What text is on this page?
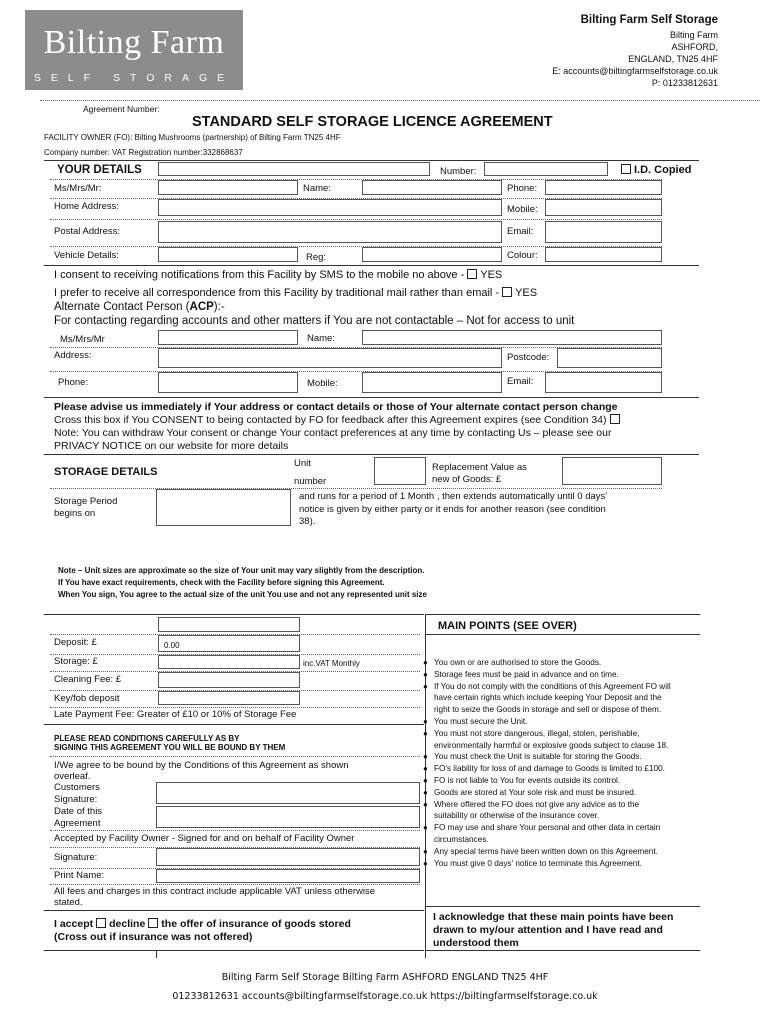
Bilting Farm
SELF STORAGE
Bilting Farm Self Storage
Bilting Farm
ASHFORD,
ENGLAND, TN25 4HF
E: accounts@biltingfarmselfstorage.co.uk
P: 01233812631
Agreement Number:
STANDARD SELF STORAGE LICENCE AGREEMENT
FACILITY OWNER (FO): Bilting Mushrooms (partnership) of Bilting Farm TN25 4HF
Company number: VAT Registration number:332868637
YOUR DETAILS	Number:	I.D. Copied
Ms/Mrs/Mr:	Name:	Phone:
Home Address:	Mobile:
Postal Address:	Email:
Vehicle Details:	Reg:	Colour:
I consent to receiving notifications from this Facility by SMS to the mobile no above - YES
I prefer to receive all correspondence from this Facility by traditional mail rather than email - YES
Alternate Contact Person (ACP):-
For contacting regarding accounts and other matters if You are not contactable – Not for access to unit
Ms/Mrs/Mr	Name:
Address:	Postcode:
Phone:	Mobile:	Email:
Please advise us immediately if Your address or contact details or those of Your alternate contact person change
Cross this box if You CONSENT to being contacted by FO for feedback after this Agreement expires (see Condition 34)
Note: You can withdraw Your consent or change Your contact preferences at any time by contacting Us – please see our
PRIVACY NOTICE on our website for more details
STORAGE DETAILS
Unit
number
Replacement Value as
new of Goods: £
Storage Period
begins on
and runs for a period of 1 Month , then extends automatically until 0 days'
notice is given by either party or it ends for another reason (see condition
38).
Note – Unit sizes are approximate so the size of Your unit may vary slightly from the description.
If You have exact requirements, check with the Facility before signing this Agreement.
When You sign, You agree to the actual size of the unit You use and not any represented unit size
Deposit: £	0.00
Storage: £	inc.VAT Monthly
Cleaning Fee: £
Key/fob deposit
Late Payment Fee: Greater of £10 or 10% of Storage Fee
PLEASE READ CONDITIONS CAREFULLY AS BY
SIGNING THIS AGREEMENT YOU WILL BE BOUND BY THEM
I/We agree to be bound by the Conditions of this Agreement as shown
overleaf.
Customers
Signature:
Date of this
Agreement
Accepted by Facility Owner - Signed for and on behalf of Facility Owner
Signature:
Print Name:
All fees and charges in this contract include applicable VAT unless otherwise
stated.
I accept decline the offer of insurance of goods stored
(Cross out if insurance was not offered)
MAIN POINTS (SEE OVER)
You own or are authorised to store the Goods.
●
Storage fees must be paid in advance and on time.
●
If You do not comply with the conditions of this Agreement FO will
●
have certain rights which include keeping Your Deposit and the
right to seize the Goods in storage and sell or dispose of them.
You must secure the Unit.
●
You must not store dangerous, illegal, stolen, perishable,
●
environmentally harmful or explosive goods subject to clause 18.
You must check the Unit is suitable for storing the Goods.
●
FO's liability for loss of and damage to Goods is limited to £100.
●
FO is not liable to You for events outside its control.
●
Goods are stored at Your sole risk and must be insured.
●
Where offered the FO does not give any advice as to the
●
suitability or otherwise of the insurance cover.
FO may use and share Your personal and other data in certain
●
circumstances.
Any special terms have been written down on this Agreement.
●
You must give 0 days' notice to terminate this Agreement.
●
I acknowledge that these main points have been
drawn to my/our attention and I have read and
understood them
Bilting Farm Self Storage Bilting Farm ASHFORD ENGLAND TN25 4HF
01233812631 accounts@biltingfarmselfstorage.co.uk https://biltingfarmselfstorage.co.uk
